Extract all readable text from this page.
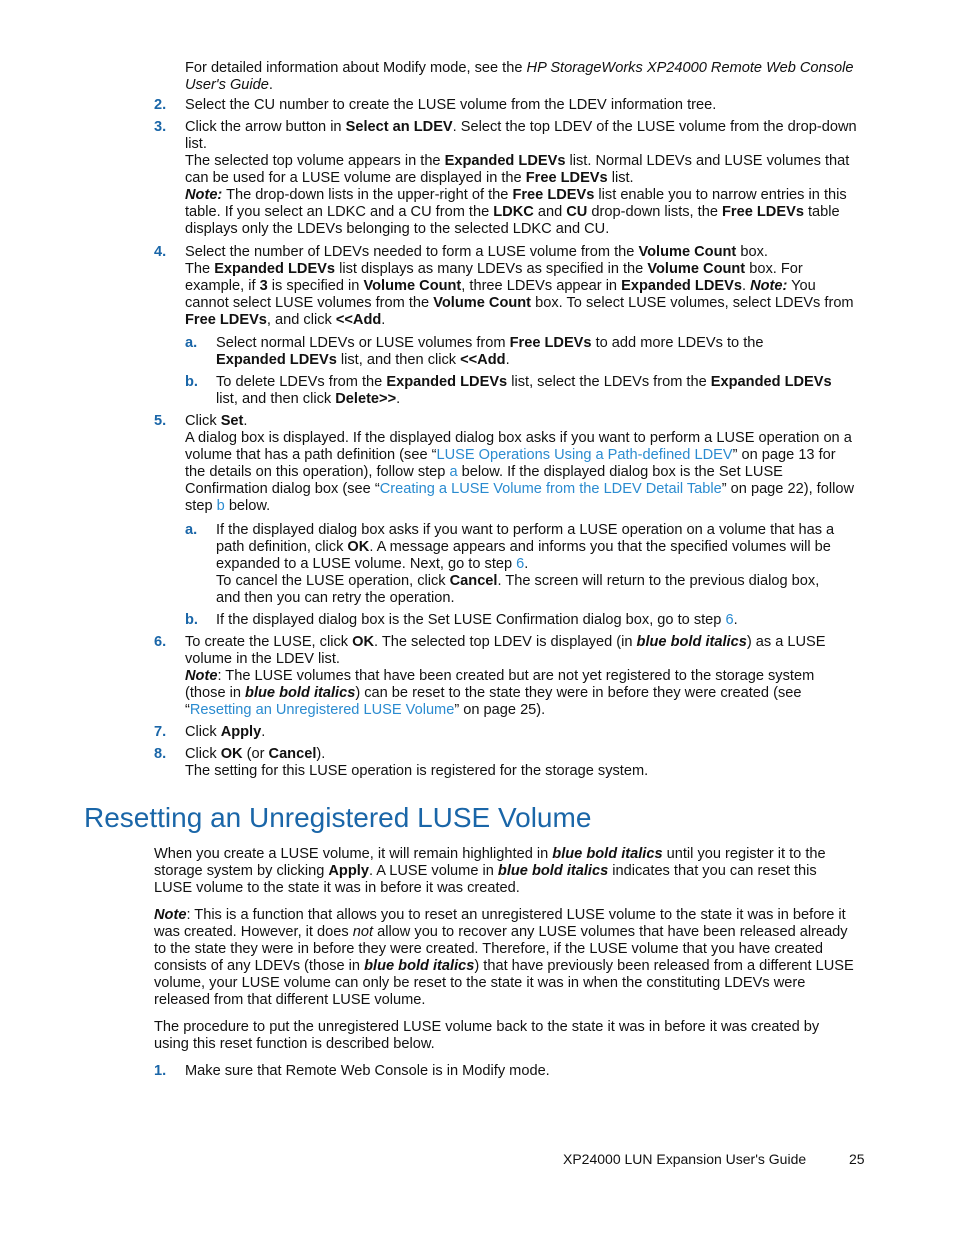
For detailed information about Modify mode, see the HP StorageWorks XP24000 Remote Web Console User's Guide.
2. Select the CU number to create the LUSE volume from the LDEV information tree.
3. Click the arrow button in Select an LDEV. Select the top LDEV of the LUSE volume from the drop-down list.

The selected top volume appears in the Expanded LDEVs list. Normal LDEVs and LUSE volumes that can be used for a LUSE volume are displayed in the Free LDEVs list.

Note: The drop-down lists in the upper-right of the Free LDEVs list enable you to narrow entries in this table. If you select an LDKC and a CU from the LDKC and CU drop-down lists, the Free LDEVs table displays only the LDEVs belonging to the selected LDKC and CU.

4. Select the number of LDEVs needed to form a LUSE volume from the Volume Count box.

The Expanded LDEVs list displays as many LDEVs as specified in the Volume Count box. For example, if 3 is specified in Volume Count, three LDEVs appear in Expanded LDEVs. Note: You cannot select LUSE volumes from the Volume Count box. To select LUSE volumes, select LDEVs from Free LDEVs, and click <<Add.

a. Select normal LDEVs or LUSE volumes from Free LDEVs to add more LDEVs to the Expanded LDEVs list, and then click <<Add.
b. To delete LDEVs from the Expanded LDEVs list, select the LDEVs from the Expanded LDEVs list, and then click Delete>>.
5. Click Set.

A dialog box is displayed. If the displayed dialog box asks if you want to perform a LUSE operation on a volume that has a path definition (see “LUSE Operations Using a Path-defined LDEV” on page 13 for the details on this operation), follow step a below. If the displayed dialog box is the Set LUSE Confirmation dialog box (see “Creating a LUSE Volume from the LDEV Detail Table” on page 22), follow step b below.

a. If the displayed dialog box asks if you want to perform a LUSE operation on a volume that has a path definition, click OK. A message appears and informs you that the specified volumes will be expanded to a LUSE volume. Next, go to step 6.

To cancel the LUSE operation, click Cancel. The screen will return to the previous dialog box, and then you can retry the operation.

b. If the displayed dialog box is the Set LUSE Confirmation dialog box, go to step 6.
6. To create the LUSE, click OK. The selected top LDEV is displayed (in blue bold italics) as a LUSE volume in the LDEV list.

Note: The LUSE volumes that have been created but are not yet registered to the storage system (those in blue bold italics) can be reset to the state they were in before they were created (see “Resetting an Unregistered LUSE Volume” on page 25).

7. Click Apply.
8. Click OK (or Cancel).

The setting for this LUSE operation is registered for the storage system.

Resetting an Unregistered LUSE Volume
When you create a LUSE volume, it will remain highlighted in blue bold italics until you register it to the storage system by clicking Apply. A LUSE volume in blue bold italics indicates that you can reset this LUSE volume to the state it was in before it was created.
Note: This is a function that allows you to reset an unregistered LUSE volume to the state it was in before it was created. However, it does not allow you to recover any LUSE volumes that have been released already to the state they were in before they were created. Therefore, if the LUSE volume that you have created consists of any LDEVs (those in blue bold italics) that have previously been released from a different LUSE volume, your LUSE volume can only be reset to the state it was in when the constituting LDEVs were released from that different LUSE volume.
The procedure to put the unregistered LUSE volume back to the state it was in before it was created by using this reset function is described below.
1. Make sure that Remote Web Console is in Modify mode.
XP24000 LUN Expansion User's Guide	25
